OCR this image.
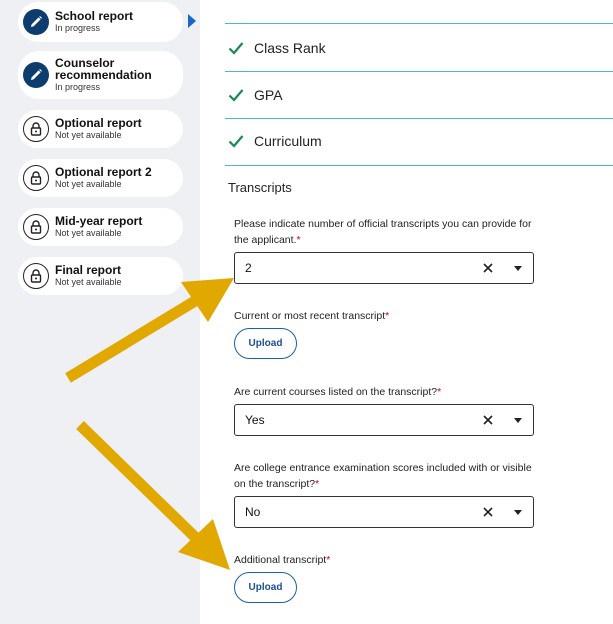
School report
In progress
Counselor recommendation
In progress
Optional report
Not yet available
Optional report 2
Not yet available
Mid-year report
Not yet available
Final report
Not yet available
Class Rank
GPA
Curriculum
Transcripts
Please indicate number of official transcripts you can provide for the applicant.*
2
Current or most recent transcript*
Upload
Are current courses listed on the transcript?*
Yes
Are college entrance examination scores included with or visible on the transcript?*
No
Additional transcript*
Upload
